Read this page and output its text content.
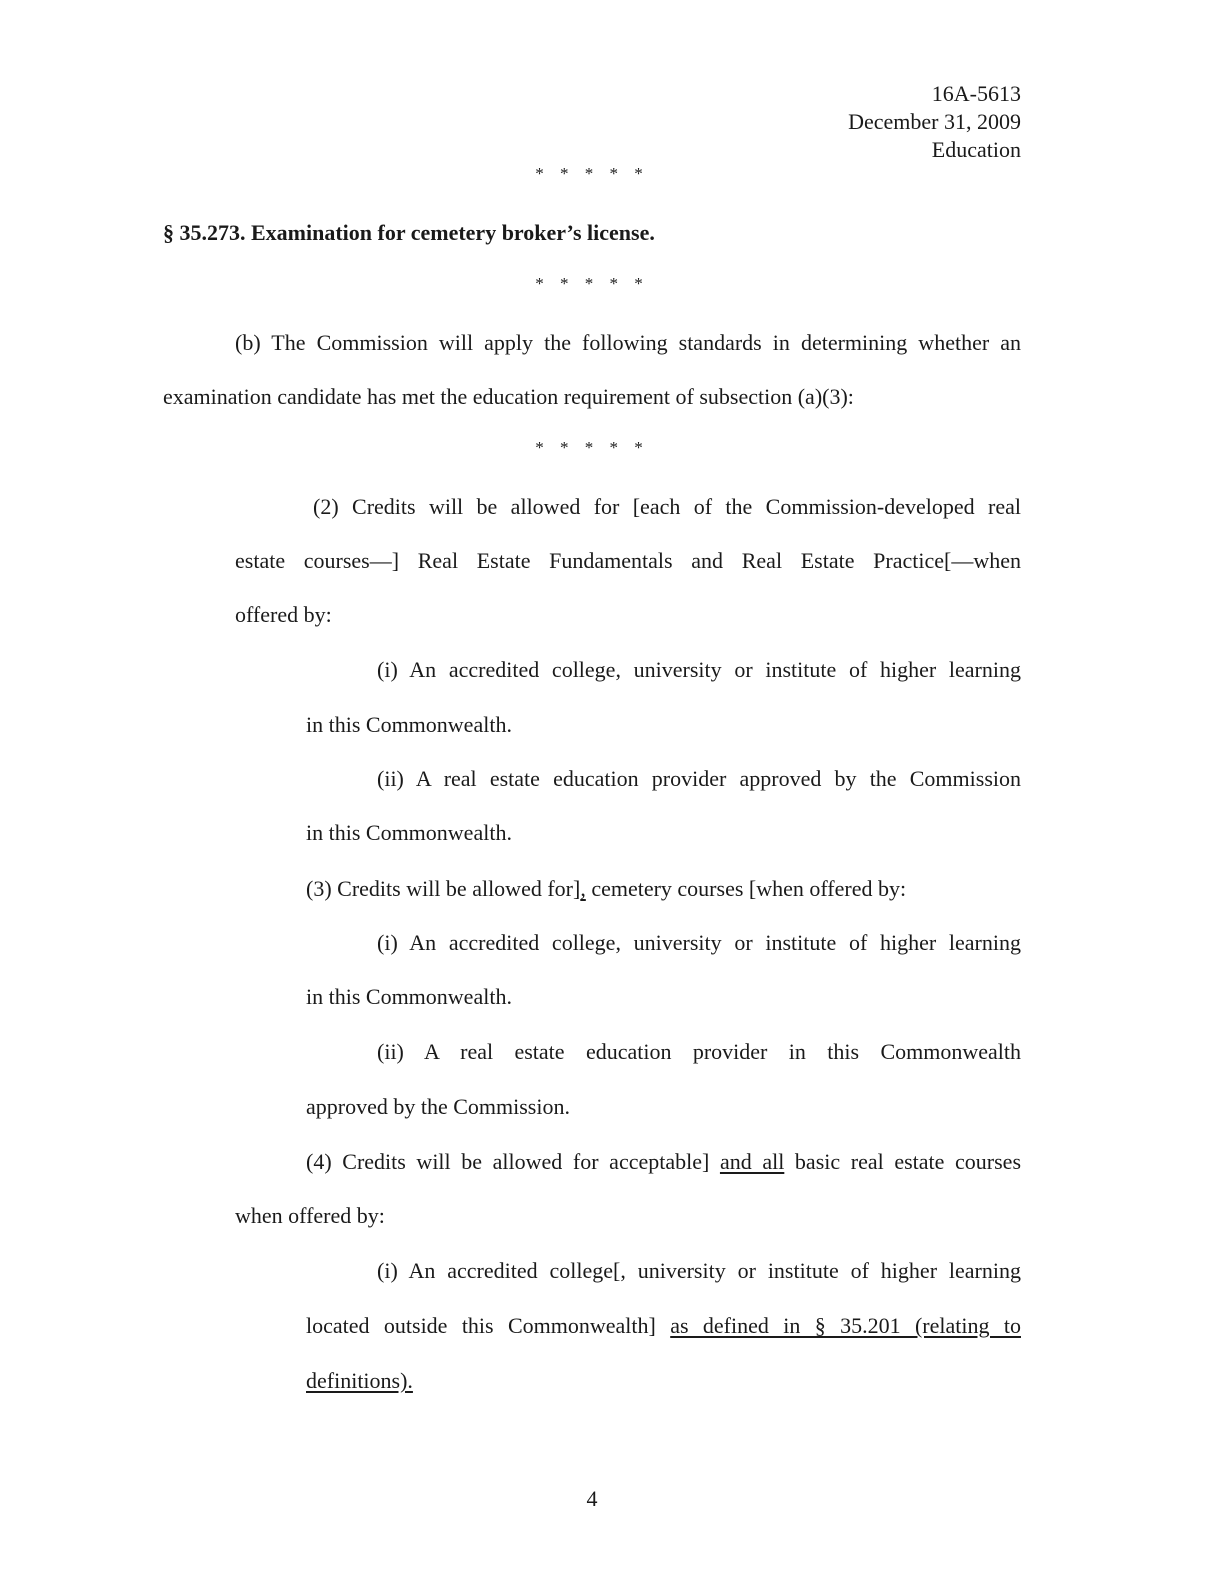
16A-5613
December 31, 2009
Education
* * * * *
§ 35.273. Examination for cemetery broker’s license.
* * * * *
(b) The Commission will apply the following standards in determining whether an
examination candidate has met the education requirement of subsection (a)(3):
* * * * *
(2) Credits will be allowed for [each of the Commission-developed real
estate courses—] Real Estate Fundamentals and Real Estate Practice[—when
offered by:
(i) An accredited college, university or institute of higher learning
in this Commonwealth.
(ii) A real estate education provider approved by the Commission
in this Commonwealth.
(3) Credits will be allowed for], cemetery courses [when offered by:
(i) An accredited college, university or institute of higher learning
in this Commonwealth.
(ii) A real estate education provider in this Commonwealth
approved by the Commission.
(4) Credits will be allowed for acceptable] and all basic real estate courses
when offered by:
(i) An accredited college[, university or institute of higher learning
located outside this Commonwealth] as defined in § 35.201 (relating to
definitions).
4
